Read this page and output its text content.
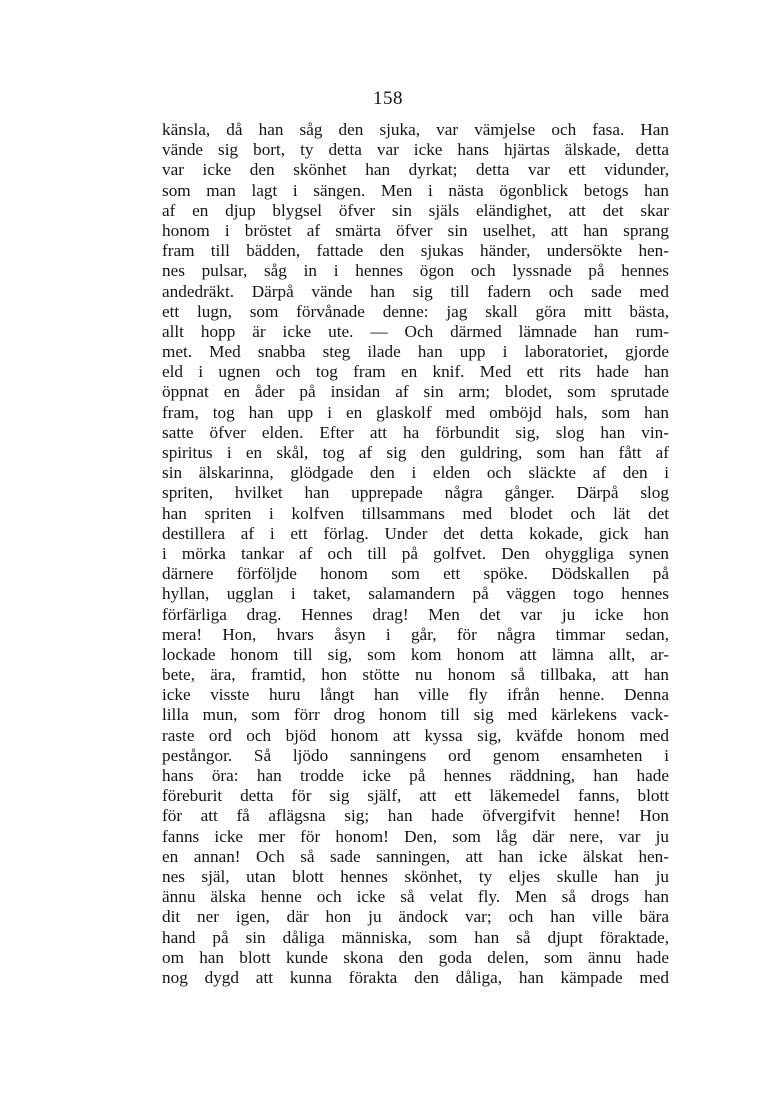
158
känsla, då han såg den sjuka, var vämjelse och fasa. Han
vände sig bort, ty detta var icke hans hjärtas älskade, detta
var icke den skönhet han dyrkat; detta var ett vidunder,
som man lagt i sängen. Men i nästa ögonblick betogs han
af en djup blygsel öfver sin själs eländighet, att det skar
honom i bröstet af smärta öfver sin uselhet, att han sprang
fram till bädden, fattade den sjukas händer, undersökte hen-
nes pulsar, såg in i hennes ögon och lyssnade på hennes
andedräkt. Därpå vände han sig till fadern och sade med
ett lugn, som förvånade denne: jag skall göra mitt bästa,
allt hopp är icke ute. — Och därmed lämnade han rum-
met. Med snabba steg ilade han upp i laboratoriet, gjorde
eld i ugnen och tog fram en knif. Med ett rits hade han
öppnat en åder på insidan af sin arm; blodet, som sprutade
fram, tog han upp i en glaskolf med omböjd hals, som han
satte öfver elden. Efter att ha förbundit sig, slog han vin-
spiritus i en skål, tog af sig den guldring, som han fått af
sin älskarinna, glödgade den i elden och släckte af den i
spriten, hvilket han upprepade några gånger. Därpå slog
han spriten i kolfven tillsammans med blodet och lät det
destillera af i ett förlag. Under det detta kokade, gick han
i mörka tankar af och till på golfvet. Den ohyggliga synen
därnere förföljde honom som ett spöke. Dödskallen på
hyllan, ugglan i taket, salamandern på väggen togo hennes
förfärliga drag. Hennes drag! Men det var ju icke hon
mera! Hon, hvars åsyn i går, för några timmar sedan,
lockade honom till sig, som kom honom att lämna allt, ar-
bete, ära, framtid, hon stötte nu honom så tillbaka, att han
icke visste huru långt han ville fly ifrån henne. Denna
lilla mun, som förr drog honom till sig med kärlekens vack-
raste ord och bjöd honom att kyssa sig, kväfde honom med
pestångor. Så ljödo sanningens ord genom ensamheten i
hans öra: han trodde icke på hennes räddning, han hade
föreburit detta för sig själf, att ett läkemedel fanns, blott
för att få aflägsna sig; han hade öfvergifvit henne! Hon
fanns icke mer för honom! Den, som låg där nere, var ju
en annan! Och så sade sanningen, att han icke älskat hen-
nes själ, utan blott hennes skönhet, ty eljes skulle han ju
ännu älska henne och icke så velat fly. Men så drogs han
dit ner igen, där hon ju ändock var; och han ville bära
hand på sin dåliga människa, som han så djupt föraktade,
om han blott kunde skona den goda delen, som ännu hade
nog dygd att kunna förakta den dåliga, han kämpade med
